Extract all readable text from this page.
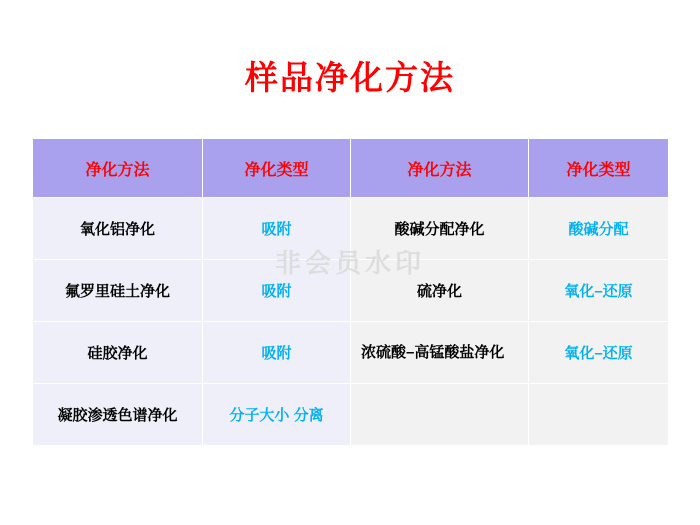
样品净化方法
非会员水印
净化方法	净化类型	净化方法	净化类型
氧化铝净化	吸附	酸碱分配净化	酸碱分配
氟罗里硅土净化	吸附	硫净化	氧化–还原
硅胶净化	吸附	浓硫酸–高锰酸盐净化	氧化–还原
凝胶渗透色谱净化	分子大小 分离		
